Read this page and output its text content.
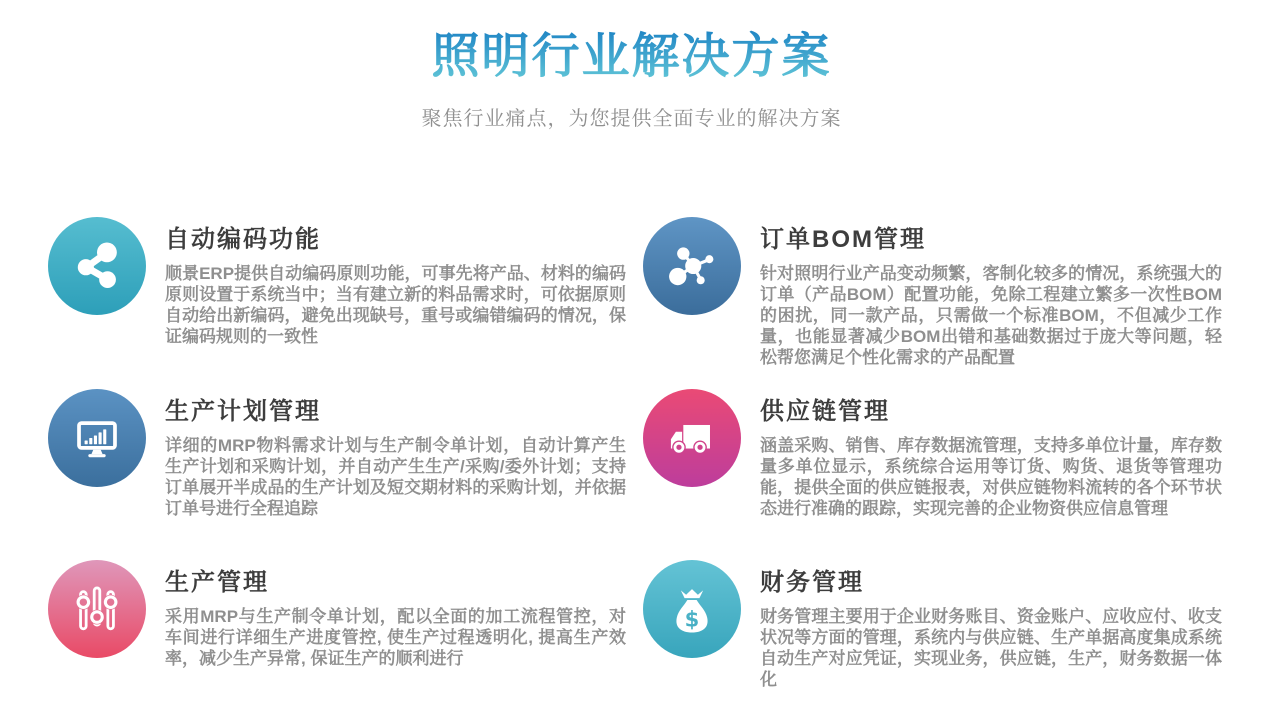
照明行业解决方案

聚焦行业痛点，为您提供全面专业的解决方案

自动编码功能

顺景ERP提供自动编码原则功能，可事先将产品、材料的编码原则设置于系统当中；当有建立新的料品需求时，可依据原则自动给出新编码，避免出现缺号，重号或编错编码的情况，保证编码规则的一致性

订单BOM管理

针对照明行业产品变动频繁，客制化较多的情况，系统强大的订单（产品BOM）配置功能，免除工程建立繁多一次性BOM的困扰，同一款产品，只需做一个标准BOM，不但减少工作量，也能显著减少BOM出错和基础数据过于庞大等问题，轻松帮您满足个性化需求的产品配置

生产计划管理

详细的MRP物料需求计划与生产制令单计划，自动计算产生生产计划和采购计划，并自动产生生产/采购/委外计划；支持订单展开半成品的生产计划及短交期材料的采购计划，并依据订单号进行全程追踪

供应链管理

涵盖采购、销售、库存数据流管理，支持多单位计量，库存数量多单位显示，系统综合运用等订货、购货、退货等管理功能，提供全面的供应链报表，对供应链物料流转的各个环节状态进行准确的跟踪，实现完善的企业物资供应信息管理

生产管理

采用MRP与生产制令单计划，配以全面的加工流程管控，对车间进行详细生产进度管控, 使生产过程透明化, 提高生产效率，减少生产异常, 保证生产的顺利进行

财务管理

财务管理主要用于企业财务账目、资金账户、应收应付、收支状况等方面的管理，系统内与供应链、生产单据高度集成系统自动生产对应凭证，实现业务，供应链，生产，财务数据一体化
